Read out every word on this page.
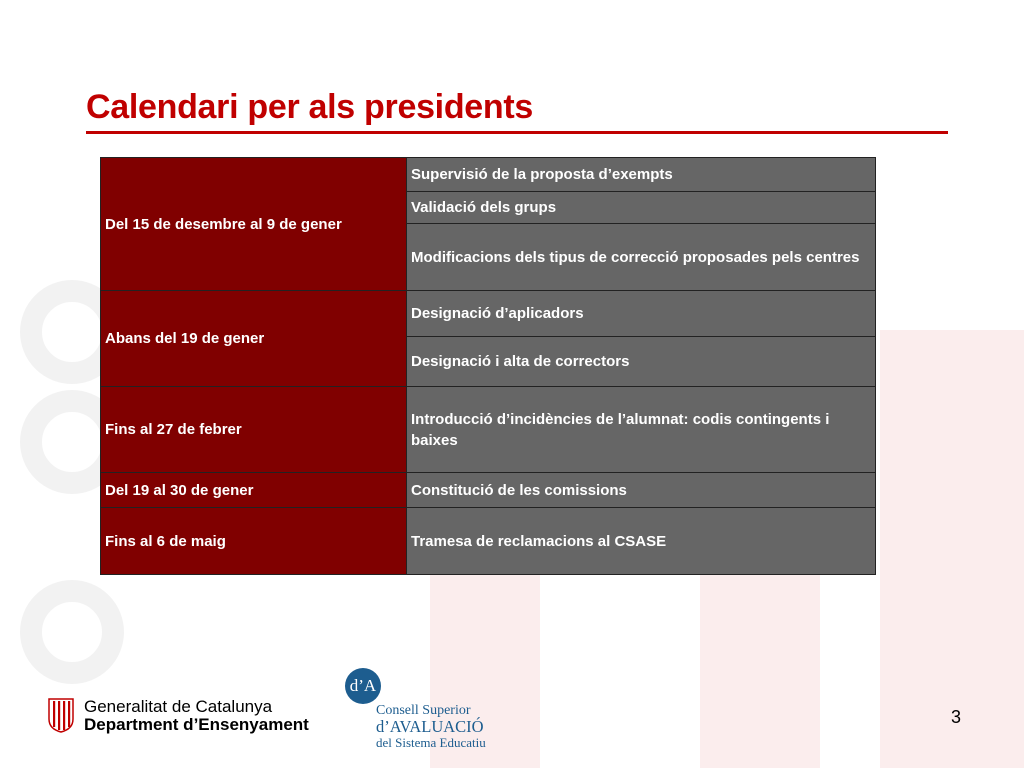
Calendari per als presidents
Del 15 de desembre al 9 de gener	Supervisió de la proposta d’exempts
	Validació dels grups
	Modificacions dels tipus de correcció proposades pels centres
Abans del 19 de gener	Designació d’aplicadors
	Designació i alta de correctors
Fins al 27 de febrer	Introducció d’incidències de l’alumnat: codis contingents i baixes
Del 19 al 30 de gener	Constitució de les comissions
Fins al 6 de maig	Tramesa de reclamacions al CSASE
Generalitat de Catalunya
Department d’Ensenyament
d’A
Consell Superior
d’AVALUACIÓ
del Sistema Educatiu
3
